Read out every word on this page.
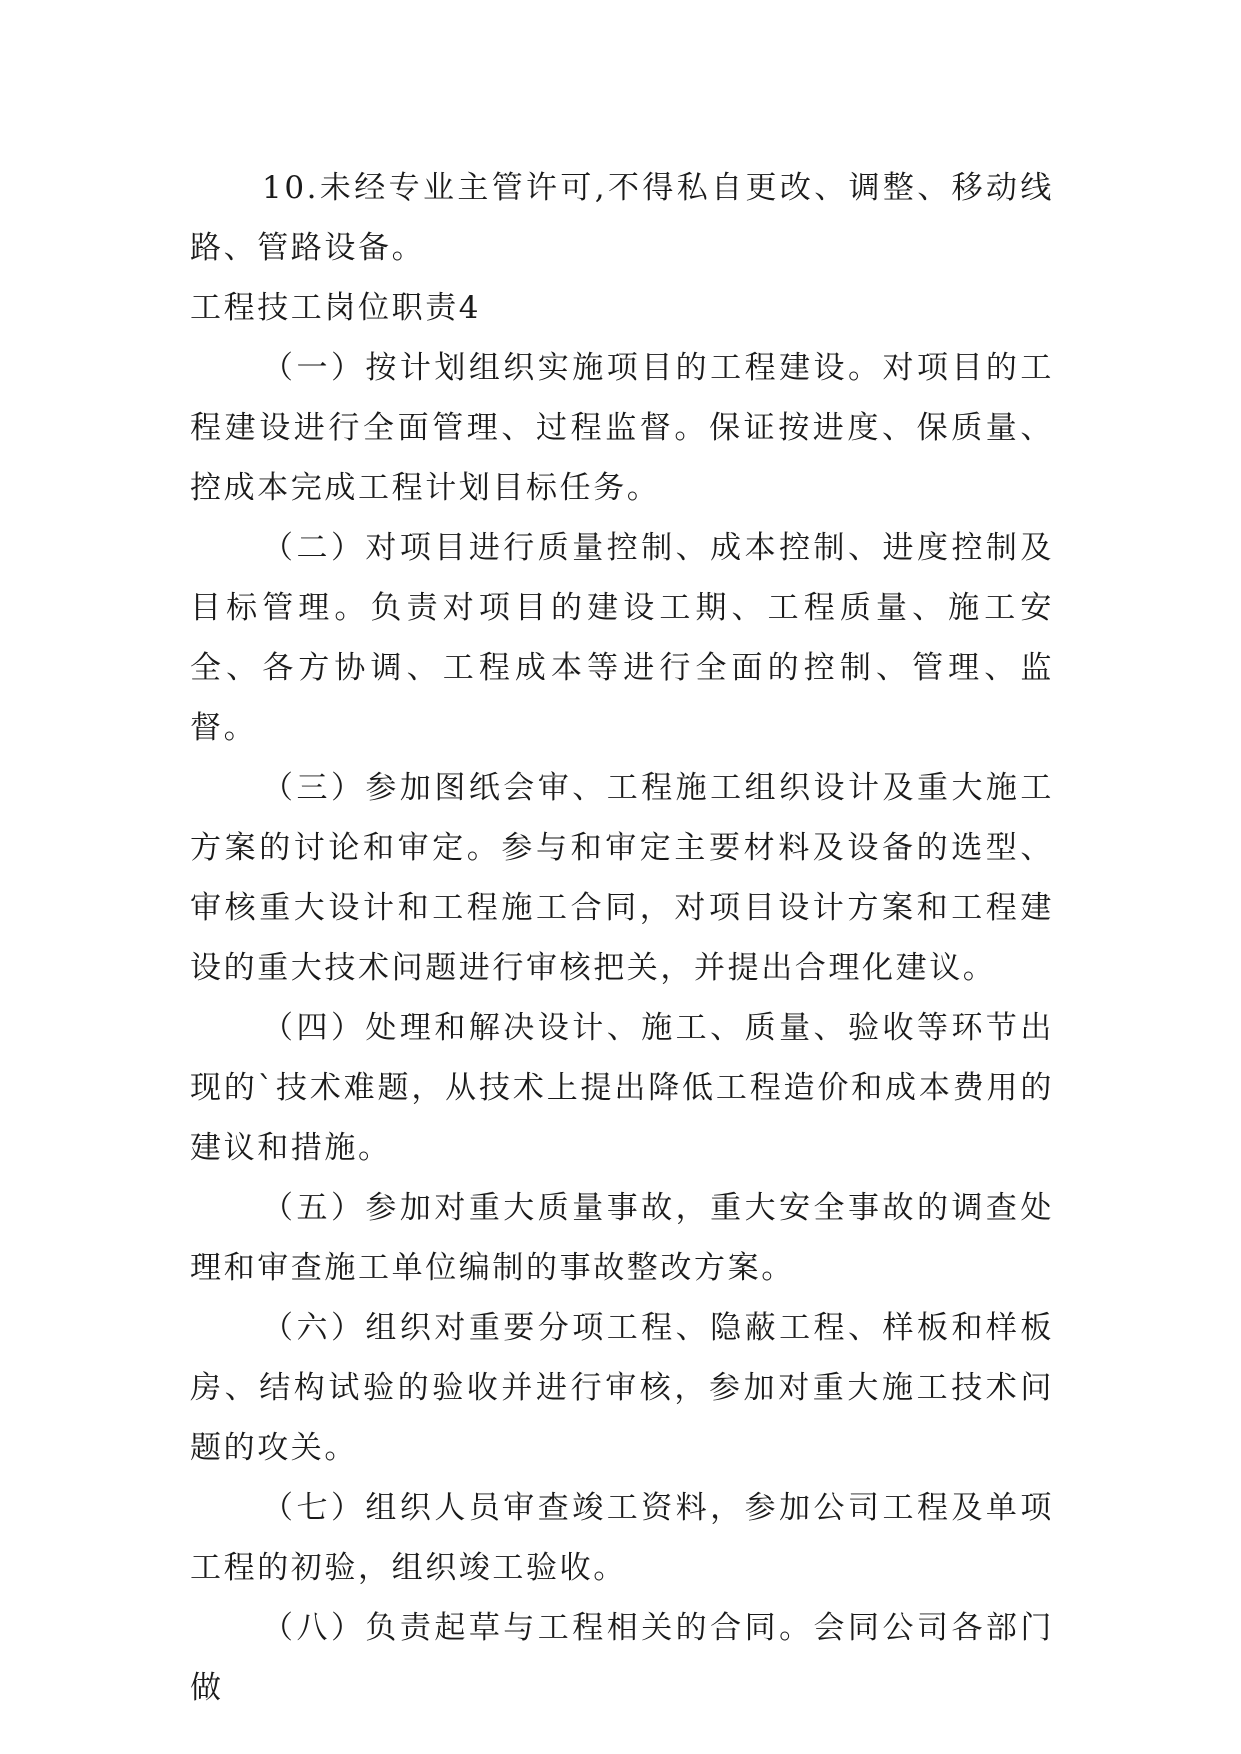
10.未经专业主管许可,不得私自更改、调整、移动线路、管路设备。

工程技工岗位职责4

（一）按计划组织实施项目的工程建设。对项目的工程建设进行全面管理、过程监督。保证按进度、保质量、控成本完成工程计划目标任务。

（二）对项目进行质量控制、成本控制、进度控制及目标管理。负责对项目的建设工期、工程质量、施工安全、各方协调、工程成本等进行全面的控制、管理、监督。

（三）参加图纸会审、工程施工组织设计及重大施工方案的讨论和审定。参与和审定主要材料及设备的选型、审核重大设计和工程施工合同，对项目设计方案和工程建设的重大技术问题进行审核把关，并提出合理化建议。

（四）处理和解决设计、施工、质量、验收等环节出现的`技术难题，从技术上提出降低工程造价和成本费用的建议和措施。

（五）参加对重大质量事故，重大安全事故的调查处理和审查施工单位编制的事故整改方案。

（六）组织对重要分项工程、隐蔽工程、样板和样板房、结构试验的验收并进行审核，参加对重大施工技术问题的攻关。

（七）组织人员审查竣工资料，参加公司工程及单项工程的初验，组织竣工验收。

（八）负责起草与工程相关的合同。会同公司各部门做
